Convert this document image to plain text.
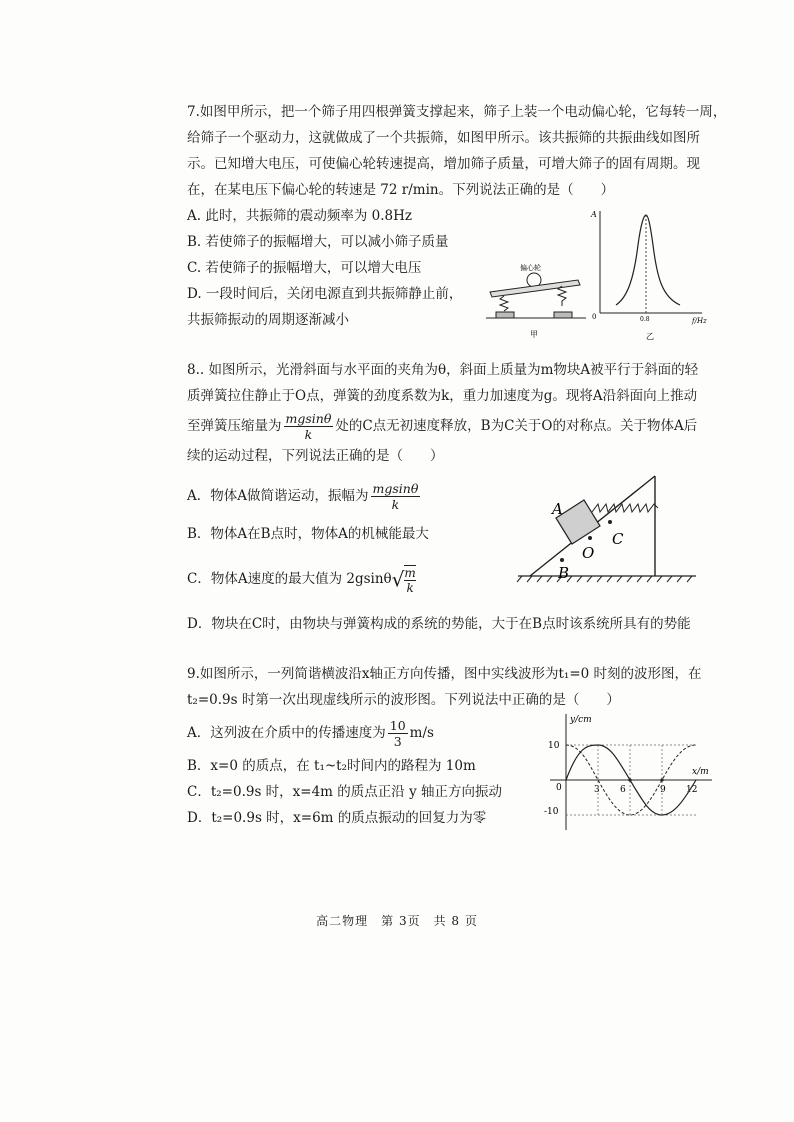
7.如图甲所示，把一个筛子用四根弹簧支撑起来，筛子上装一个电动偏心轮，它每转一周，
给筛子一个驱动力，这就做成了一个共振筛，如图甲所示。该共振筛的共振曲线如图所
示。已知增大电压，可使偏心轮转速提高，增加筛子质量，可增大筛子的固有周期。现
在，在某电压下偏心轮的转速是 72 r/min。下列说法正确的是（　　）
A. 此时，共振筛的震动频率为 0.8Hz
B. 若使筛子的振幅增大，可以减小筛子质量
C. 若使筛子的振幅增大，可以增大电压
D. 一段时间后，关闭电源直到共振筛静止前，
共振筛振动的周期逐渐减小
偏心轮
甲
A
0	0.8	f/Hz
乙
8.. 如图所示，光滑斜面与水平面的夹角为θ，斜面上质量为m物块A被平行于斜面的轻
质弹簧拉住静止于O点，弹簧的劲度系数为k，重力加速度为g。现将A沿斜面向上推动
至弹簧压缩量为 $\frac{mgsin\theta}{k}$ 处的C点无初速度释放，B为C关于O的对称点。关于物体A后
续的运动过程，下列说法正确的是（　　）
A．物体A做简谐运动，振幅为 $\frac{mgsin\theta}{k}$
B．物体A在B点时，物体A的机械能最大
C．物体A速度的最大值为 $2gsin\theta√ \frac{m}{k}$
D．物块在C时，由物块与弹簧构成的系统的势能，大于在B点时该系统所具有的势能
A
O
C
B
9.如图所示，一列简谐横波沿x轴正方向传播，图中实线波形为t₁=0 时刻的波形图，在
t₂=0.9s 时第一次出现虚线所示的波形图。下列说法中正确的是（　　）
A．这列波在介质中的传播速度为 $\frac{10}{3} m/s$
B．x=0 的质点，在 t₁~t₂时间内的路程为 10m
C．t₂=0.9s 时，x=4m 的质点正沿 y 轴正方向振动
D．t₂=0.9s 时，x=6m 的质点振动的回复力为零
y/cm
x/m
10
-10
0	3 6	9 12
高二物理　第 3页　共 8 页
